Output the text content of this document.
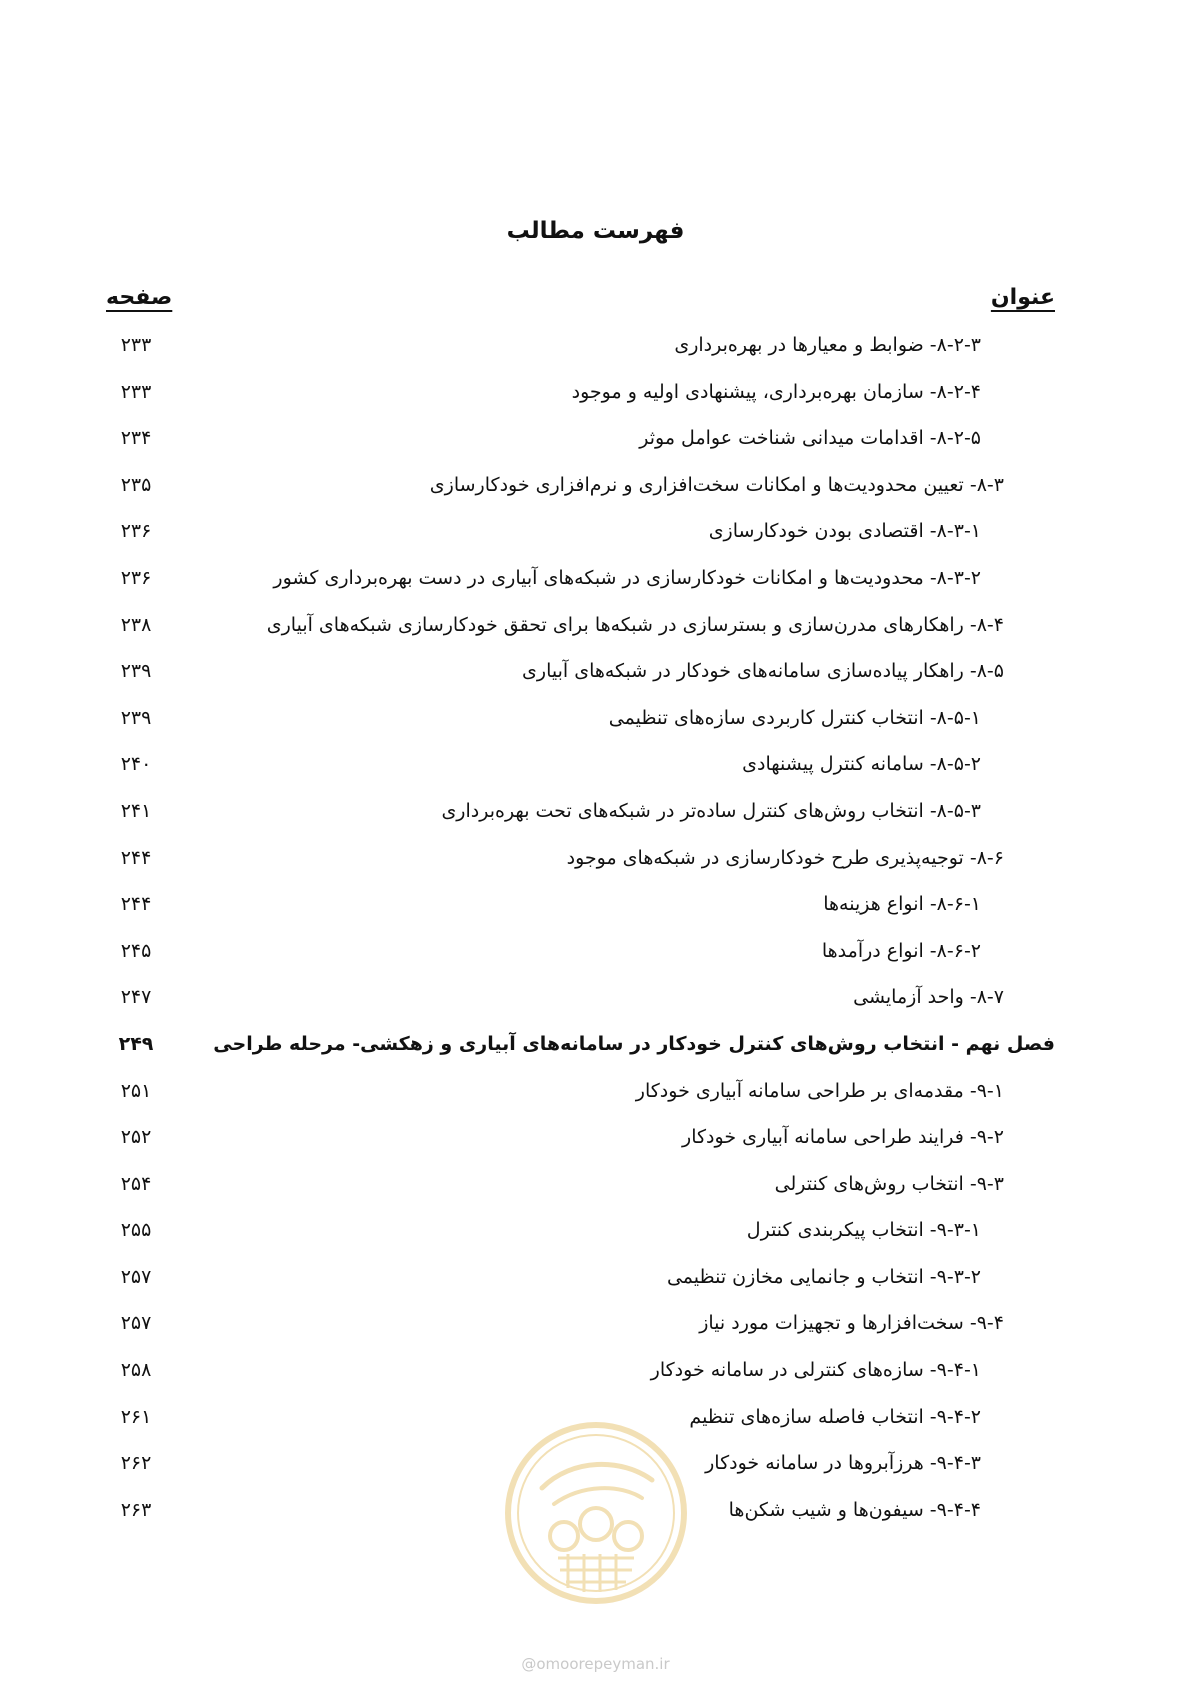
فهرست مطالب
عنوان
صفحه
۸-۲-۳- ضوابط و معیارها در بهره‌برداری
۲۳۳
۸-۲-۴- سازمان بهره‌برداری، پیشنهادی اولیه و موجود
۲۳۳
۸-۲-۵- اقدامات میدانی شناخت عوامل موثر
۲۳۴
۸-۳- تعیین محدودیت‌ها و امکانات سخت‌افزاری و نرم‌افزاری خودکارسازی
۲۳۵
۸-۳-۱- اقتصادی بودن خودکارسازی
۲۳۶
۸-۳-۲- محدودیت‌ها و امکانات خودکارسازی در شبکه‌های آبیاری در دست بهره‌برداری کشور
۲۳۶
۸-۴- راهکارهای مدرن‌سازی و بسترسازی در شبکه‌ها برای تحقق خودکارسازی شبکه‌های آبیاری
۲۳۸
۸-۵- راهکار پیاده‌سازی سامانه‌های خودکار در شبکه‌های آبیاری
۲۳۹
۸-۵-۱- انتخاب کنترل کاربردی سازه‌های تنظیمی
۲۳۹
۸-۵-۲- سامانه کنترل پیشنهادی
۲۴۰
۸-۵-۳- انتخاب روش‌های کنترل ساده‌تر در شبکه‌های تحت بهره‌برداری
۲۴۱
۸-۶- توجیه‌پذیری طرح خودکارسازی در شبکه‌های موجود
۲۴۴
۸-۶-۱- انواع هزینه‌ها
۲۴۴
۸-۶-۲- انواع درآمدها
۲۴۵
۸-۷- واحد آزمایشی
۲۴۷
فصل نهم - انتخاب روش‌های کنترل خودکار در سامانه‌های آبیاری و زهکشی- مرحله طراحی
۲۴۹
۹-۱- مقدمه‌ای بر طراحی سامانه آبیاری خودکار
۲۵۱
۹-۲- فرایند طراحی سامانه آبیاری خودکار
۲۵۲
۹-۳- انتخاب روش‌های کنترلی
۲۵۴
۹-۳-۱- انتخاب پیکربندی کنترل
۲۵۵
۹-۳-۲- انتخاب و جانمایی مخازن تنظیمی
۲۵۷
۹-۴- سخت‌افزارها و تجهیزات مورد نیاز
۲۵۷
۹-۴-۱- سازه‌های کنترلی در سامانه خودکار
۲۵۸
۹-۴-۲- انتخاب فاصله سازه‌های تنظیم
۲۶۱
۹-۴-۳- هرزآبروها در سامانه خودکار
۲۶۲
۹-۴-۴- سیفون‌ها و شیب شکن‌ها
۲۶۳
@omoorepeyman.ir
